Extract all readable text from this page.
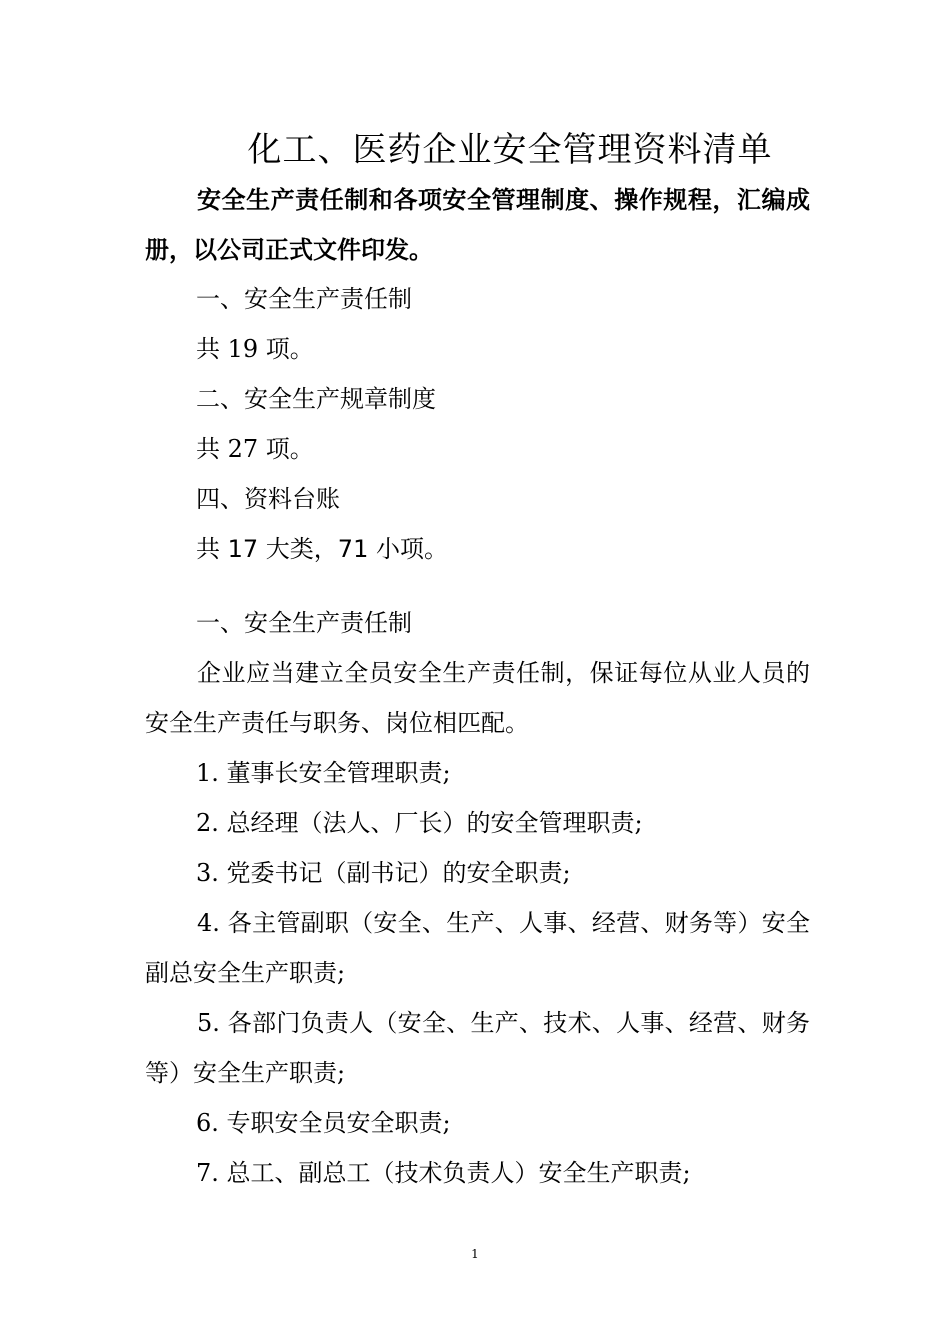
化工、医药企业安全管理资料清单
安全生产责任制和各项安全管理制度、操作规程，汇编成册，以公司正式文件印发。
一、安全生产责任制
共 19 项。
二、安全生产规章制度
共 27 项。
四、资料台账
共 17 大类，71 小项。
一、安全生产责任制
企业应当建立全员安全生产责任制，保证每位从业人员的安全生产责任与职务、岗位相匹配。
1. 董事长安全管理职责;
2. 总经理（法人、厂长）的安全管理职责;
3. 党委书记（副书记）的安全职责;
4. 各主管副职（安全、生产、人事、经营、财务等）安全副总安全生产职责;
5. 各部门负责人（安全、生产、技术、人事、经营、财务等）安全生产职责;
6. 专职安全员安全职责;
7. 总工、副总工（技术负责人）安全生产职责;
1
